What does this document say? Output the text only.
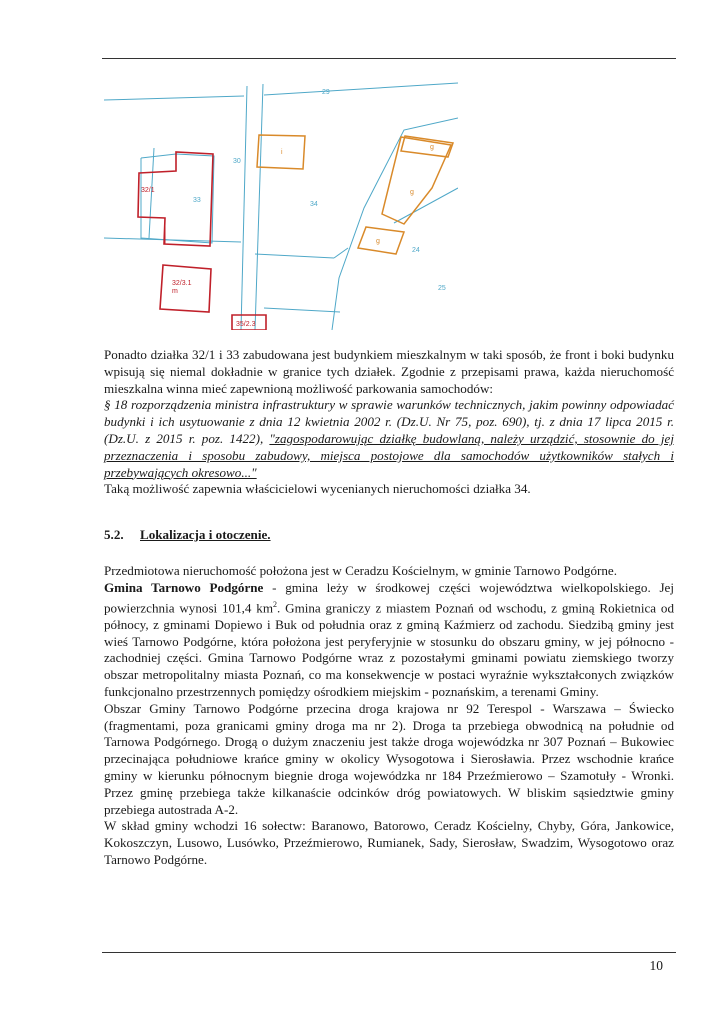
29
30
33
34
32/1
32/3.1
m
35/2.3
24
25
i
g
g
g

Ponadto działka 32/1 i 33 zabudowana jest budynkiem mieszkalnym w taki sposób, że front i boki budynku wpisują się niemal dokładnie w granice tych działek. Zgodnie z przepisami prawa, każda nieruchomość mieszkalna winna mieć zapewnioną możliwość parkowania samochodów:

§ 18 rozporządzenia ministra infrastruktury w sprawie warunków technicznych, jakim powinny odpowiadać budynki i ich usytuowanie z dnia 12 kwietnia 2002 r. (Dz.U. Nr 75, poz. 690), tj. z dnia 17 lipca 2015 r. (Dz.U. z 2015 r. poz. 1422), "zagospodarowując działkę budowlaną, należy urządzić, stosownie do jej przeznaczenia i sposobu zabudowy, miejsca postojowe dla samochodów użytkowników stałych i przebywających okresowo..."

Taką możliwość zapewnia właścicielowi wycenianych nieruchomości działka 34.

5.2. Lokalizacja i otoczenie.

Przedmiotowa nieruchomość położona jest w Ceradzu Kościelnym, w gminie Tarnowo Podgórne.

Gmina Tarnowo Podgórne - gmina leży w środkowej części województwa wielkopolskiego. Jej powierzchnia wynosi 101,4 $km^2$. Gmina graniczy z miastem Poznań od wschodu, z gminą Rokietnica od północy, z gminami Dopiewo i Buk od południa oraz z gminą Kaźmierz od zachodu. Siedzibą gminy jest wieś Tarnowo Podgórne, która położona jest peryferyjnie w stosunku do obszaru gminy, w jej północno - zachodniej części. Gmina Tarnowo Podgórne wraz z pozostałymi gminami powiatu ziemskiego tworzy obszar metropolitalny miasta Poznań, co ma konsekwencje w postaci wyraźnie wykształconych związków funkcjonalno przestrzennych pomiędzy ośrodkiem miejskim - poznańskim, a terenami Gminy.

Obszar Gminy Tarnowo Podgórne przecina droga krajowa nr 92 Terespol - Warszawa – Świecko (fragmentami, poza granicami gminy droga ma nr 2). Droga ta przebiega obwodnicą na południe od Tarnowa Podgórnego. Drogą o dużym znaczeniu jest także droga wojewódzka nr 307 Poznań – Bukowiec przecinająca południowe krańce gminy w okolicy Wysogotowa i Sierosławia. Przez wschodnie krańce gminy w kierunku północnym biegnie droga wojewódzka nr 184 Przeźmierowo – Szamotuły - Wronki. Przez gminę przebiega także kilkanaście odcinków dróg powiatowych. W bliskim sąsiedztwie gminy przebiega autostrada A-2.

W skład gminy wchodzi 16 sołectw: Baranowo, Batorowo, Ceradz Kościelny, Chyby, Góra, Jankowice, Kokoszczyn, Lusowo, Lusówko, Przeźmierowo, Rumianek, Sady, Sierosław, Swadzim, Wysogotowo oraz Tarnowo Podgórne.

10
